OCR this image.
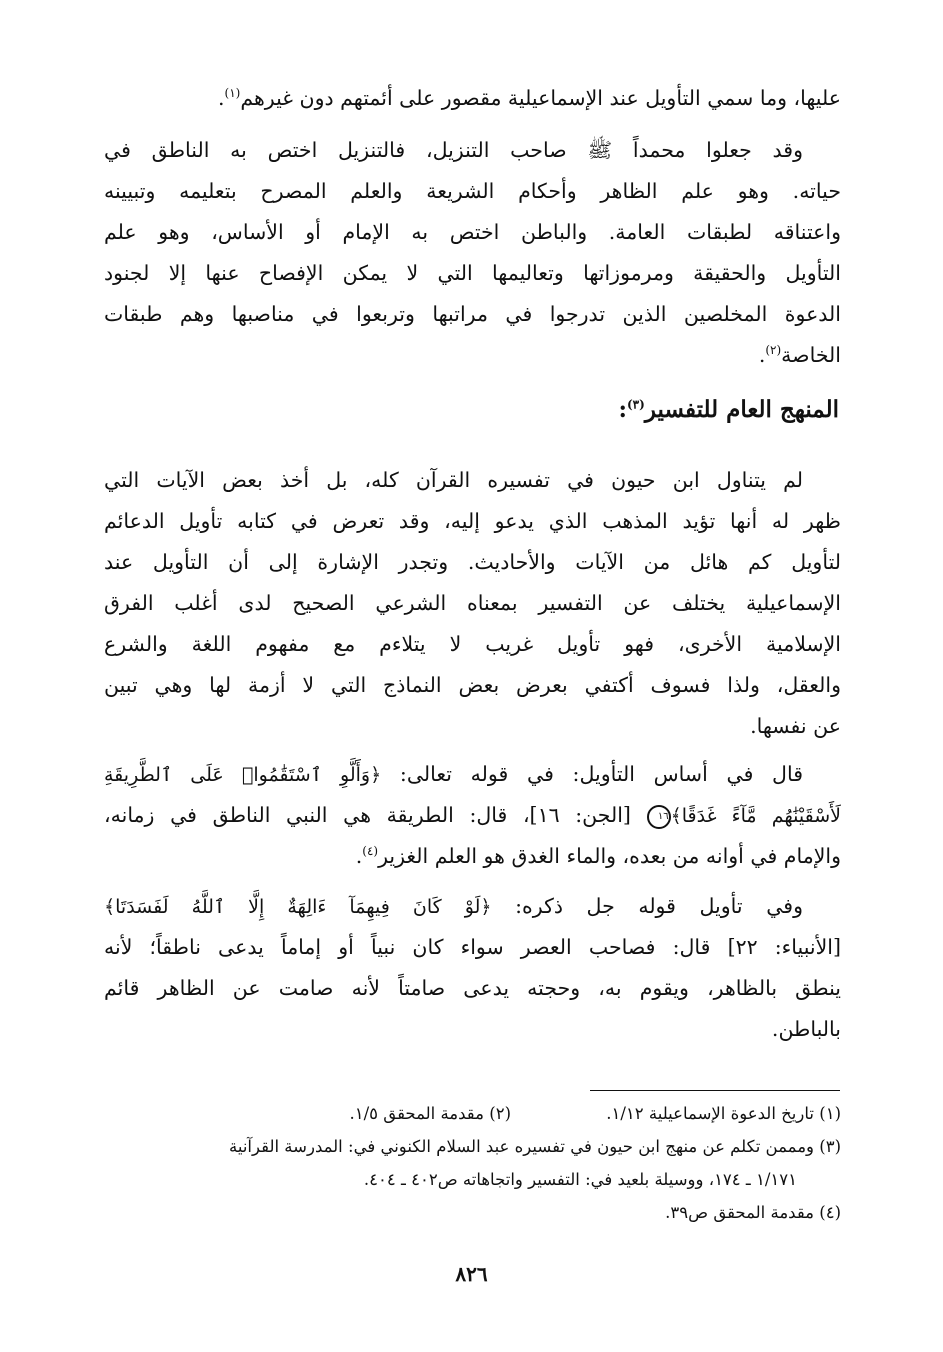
عليها، وما سمي التأويل عند الإسماعيلية مقصور على أئمتهم دون غيرهم$^{(١)}$.
وقد جعلوا محمداً ﷺ صاحب التنزيل، فالتنزيل اختص به الناطق في
حياته. وهو علم الظاهر وأحكام الشريعة والعلم المصرح بتعليمه وتبيينه
واعتناقه لطبقات العامة. والباطن اختص به الإمام أو الأساس، وهو علم
التأويل والحقيقة ومرموزاتها وتعاليمها التي لا يمكن الإفصاح عنها إلا لجنود
الدعوة المخلصين الذين تدرجوا في مراتبها وتربعوا في مناصبها وهم طبقات
الخاصة$^{(٢)}$.
المنهج العام للتفسير$^{(٣)}$:
لم يتناول ابن حيون في تفسيره القرآن كله، بل أخذ بعض الآيات التي
ظهر له أنها تؤيد المذهب الذي يدعو إليه، وقد تعرض في كتابه تأويل الدعائم
لتأويل كم هائل من الآيات والأحاديث. وتجدر الإشارة إلى أن التأويل عند
الإسماعيلية يختلف عن التفسير بمعناه الشرعي الصحيح لدى أغلب الفرق
الإسلامية الأخرى، فهو تأويل غريب لا يتلاءم مع مفهوم اللغة والشرع
والعقل، ولذا فسوف أكتفي بعرض بعض النماذج التي لا أزمة لها وهي تبين
عن نفسها.
قال في أساس التأويل: في قوله تعالى: ﴿وَأَلَّوِ ٱسْتَقَٰمُوا۟ عَلَى ٱلطَّرِيقَةِ
لَأَسْقَيْنَٰهُم مَّآءً غَدَقًا﴾١٦ [الجن: ١٦]، قال: الطريقة هي النبي الناطق في زمانه،
والإمام في أوانه من بعده، والماء الغدق هو العلم الغزير$^{(٤)}$.
وفي تأويل قوله جل ذكره: ﴿لَوْ كَانَ فِيهِمَآ ءَالِهَةٌ إِلَّا ٱللَّهُ لَفَسَدَتَا﴾
[الأنبياء: ٢٢] قال: فصاحب العصر سواء كان نبياً أو إماماً يدعى ناطقاً؛ لأنه
ينطق بالظاهر، ويقوم به، وحجته يدعى صامتاً لأنه صامت عن الظاهر قائم
بالباطن.
(١) تاريخ الدعوة الإسماعيلية ١/١٢.(٢) مقدمة المحقق ١/٥.
(٣) ومممن تكلم عن منهج ابن حيون في تفسيره عبد السلام الكنوني في: المدرسة القرآنية
١/١٧١ ـ ١٧٤، ووسيلة بلعيد في: التفسير واتجاهاته ص٤٠٢ ـ ٤٠٤.
(٤) مقدمة المحقق ص٣٩.
٨٢٦
